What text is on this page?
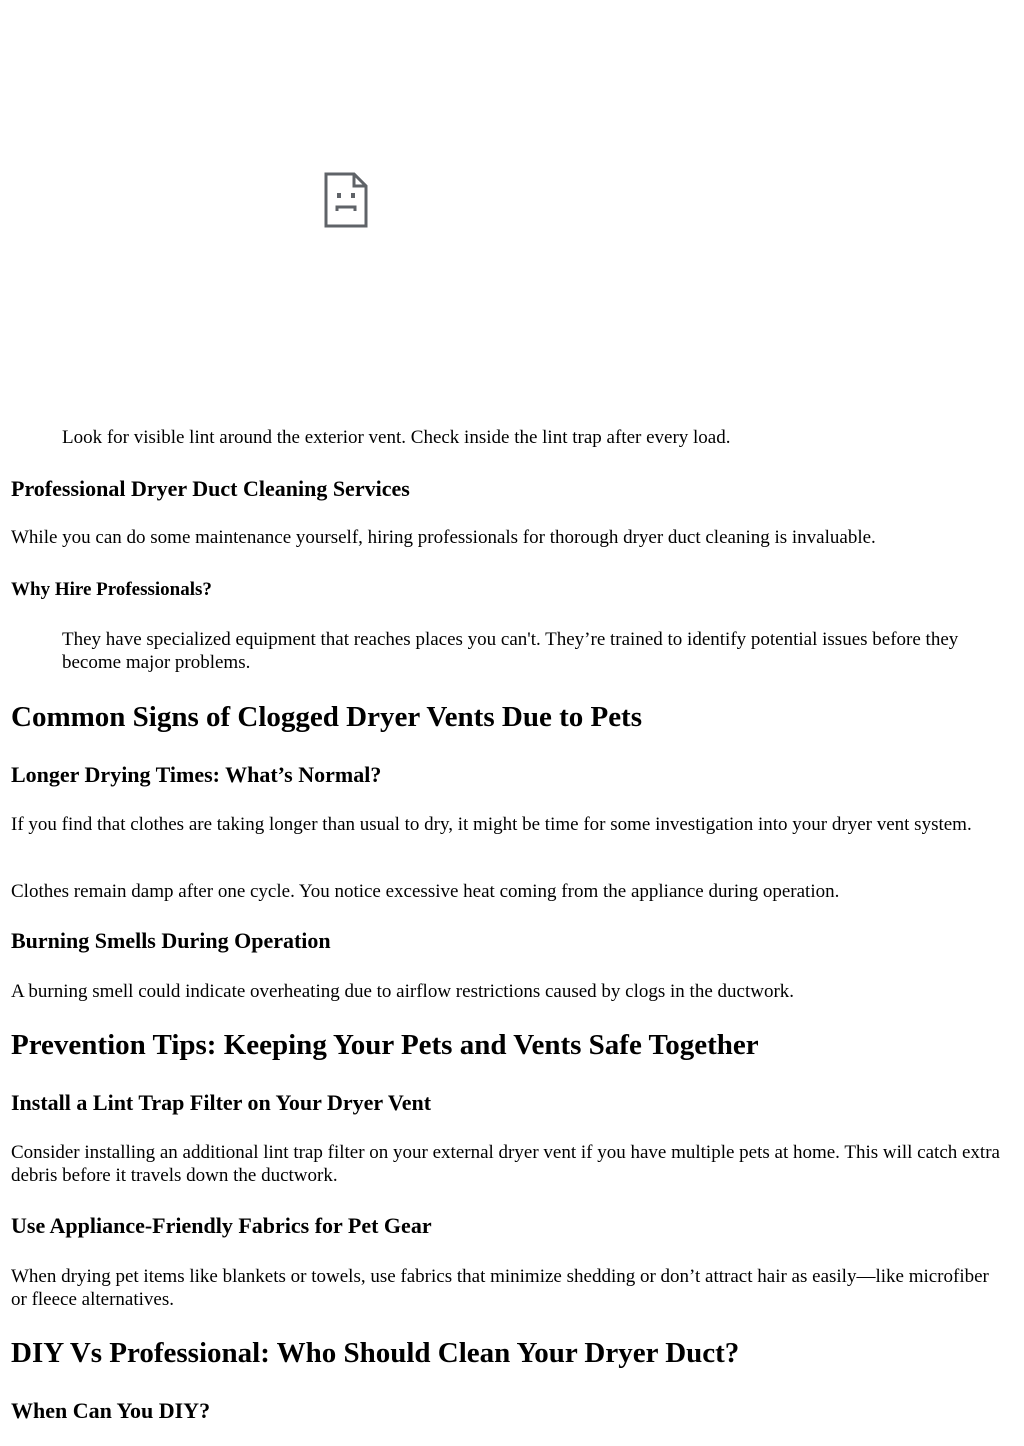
Look for visible lint around the exterior vent. Check inside the lint trap after every load.

Professional Dryer Duct Cleaning Services

While you can do some maintenance yourself, hiring professionals for thorough dryer duct cleaning is invaluable.

Why Hire Professionals?

They have specialized equipment that reaches places you can't. They’re trained to identify potential issues before they become major problems.

Common Signs of Clogged Dryer Vents Due to Pets
Longer Drying Times: What’s Normal?

If you find that clothes are taking longer than usual to dry, it might be time for some investigation into your dryer vent system.

Clothes remain damp after one cycle. You notice excessive heat coming from the appliance during operation.

Burning Smells During Operation

A burning smell could indicate overheating due to airflow restrictions caused by clogs in the ductwork.

Prevention Tips: Keeping Your Pets and Vents Safe Together
Install a Lint Trap Filter on Your Dryer Vent

Consider installing an additional lint trap filter on your external dryer vent if you have multiple pets at home. This will catch extra debris before it travels down the ductwork.

Use Appliance-Friendly Fabrics for Pet Gear

When drying pet items like blankets or towels, use fabrics that minimize shedding or don’t attract hair as easily—like microfiber or fleece alternatives.

DIY Vs Professional: Who Should Clean Your Dryer Duct?
When Can You DIY?
